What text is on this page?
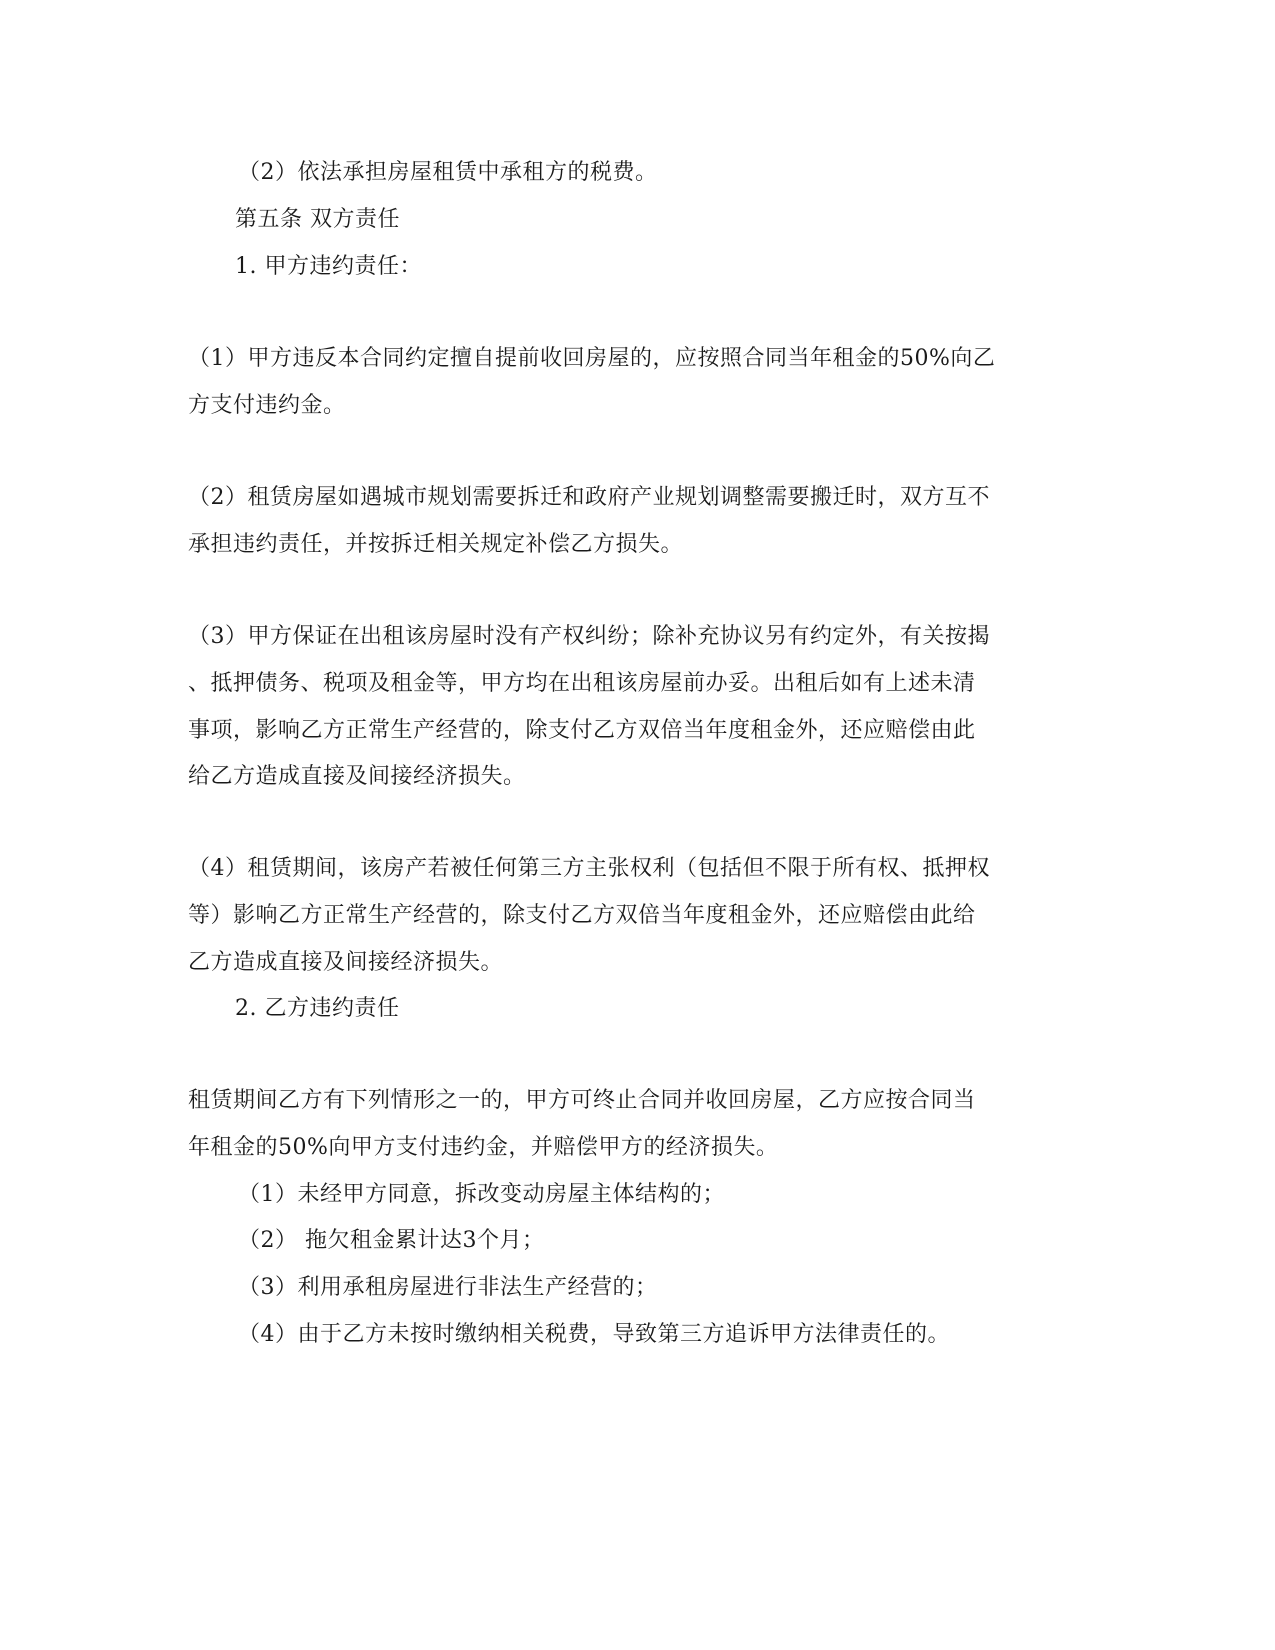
（2）依法承担房屋租赁中承租方的税费。
第五条 双方责任
1. 甲方违约责任：
（1）甲方违反本合同约定擅自提前收回房屋的，应按照合同当年租金的50%向乙
方支付违约金。
（2）租赁房屋如遇城市规划需要拆迁和政府产业规划调整需要搬迁时，双方互不
承担违约责任，并按拆迁相关规定补偿乙方损失。
（3）甲方保证在出租该房屋时没有产权纠纷；除补充协议另有约定外，有关按揭
、抵押债务、税项及租金等，甲方均在出租该房屋前办妥。出租后如有上述未清
事项，影响乙方正常生产经营的，除支付乙方双倍当年度租金外，还应赔偿由此
给乙方造成直接及间接经济损失。
（4）租赁期间，该房产若被任何第三方主张权利（包括但不限于所有权、抵押权
等）影响乙方正常生产经营的，除支付乙方双倍当年度租金外，还应赔偿由此给
乙方造成直接及间接经济损失。
2. 乙方违约责任
租赁期间乙方有下列情形之一的，甲方可终止合同并收回房屋，乙方应按合同当
年租金的50%向甲方支付违约金，并赔偿甲方的经济损失。
（1）未经甲方同意，拆改变动房屋主体结构的；
（2） 拖欠租金累计达3个月；
（3）利用承租房屋进行非法生产经营的；
（4）由于乙方未按时缴纳相关税费，导致第三方追诉甲方法律责任的。
